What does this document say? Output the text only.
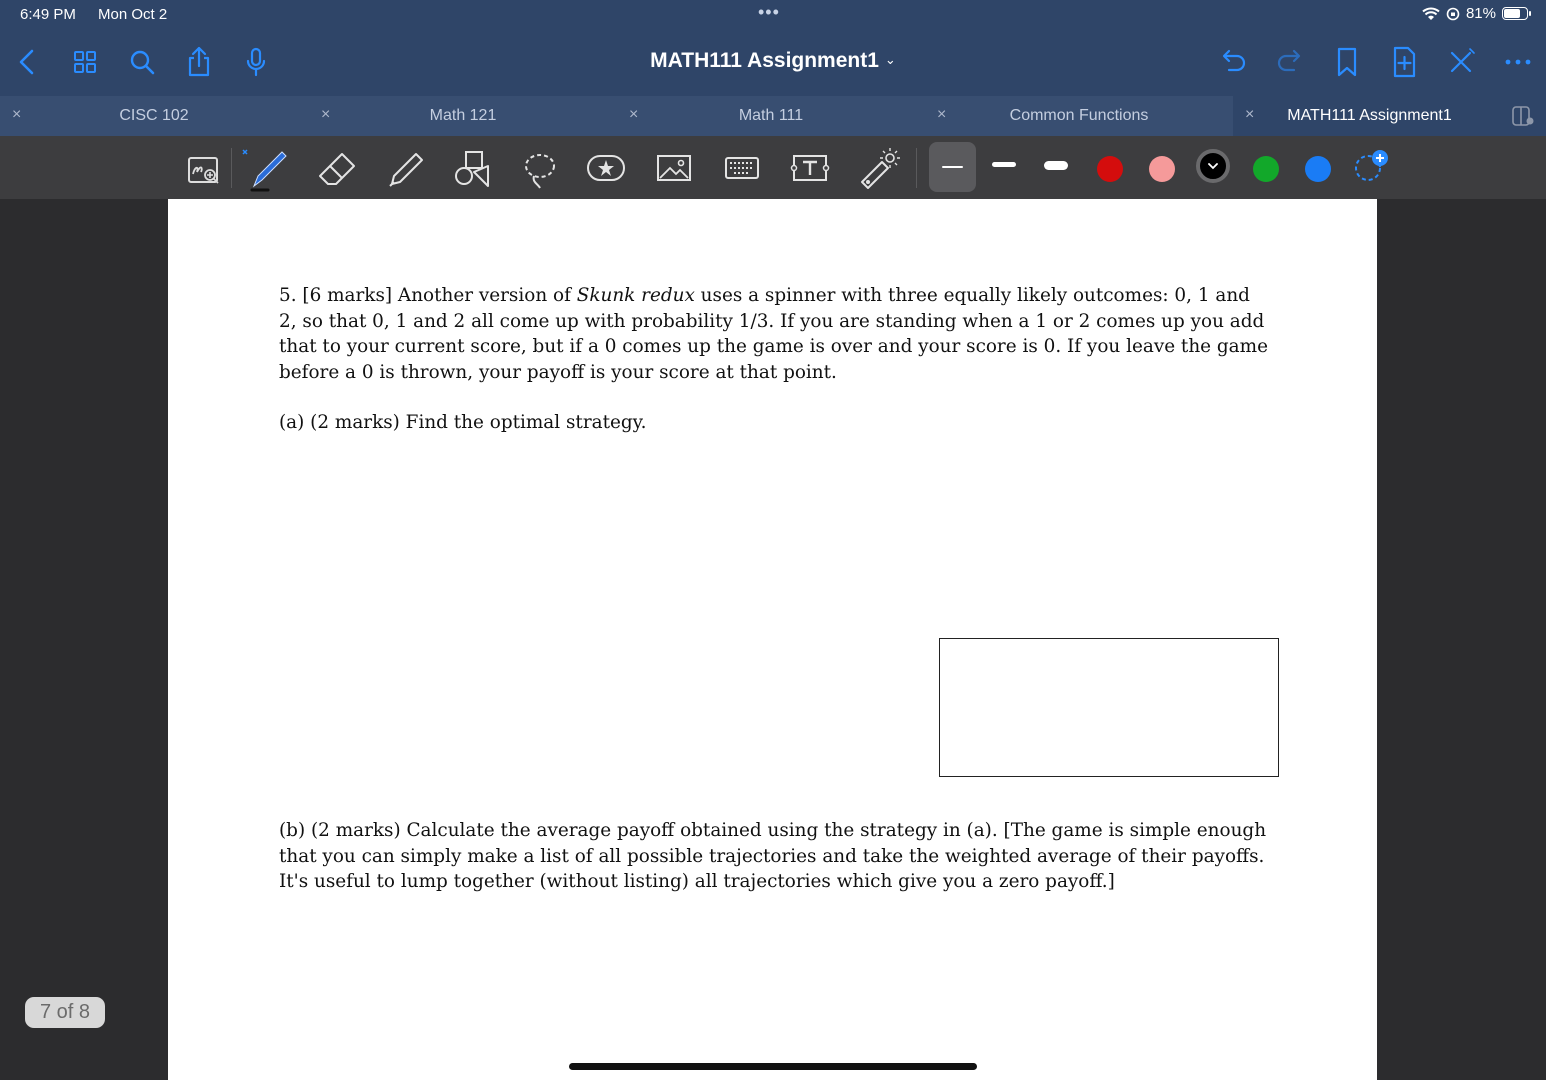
6:49 PM Mon Oct 2	•••	81%
MATH111 Assignment1 ⌄
×	CISC 102	×	Math 121	×	Math 111	×	Common Functions	×	MATH111 Assignment1

5. [6 marks] Another version of Skunk redux uses a spinner with three equally likely outcomes: 0, 1 and 2, so that 0, 1 and 2 all come up with probability 1/3. If you are standing when a 1 or 2 comes up you add that to your current score, but if a 0 comes up the game is over and your score is 0. If you leave the game before a 0 is thrown, your payoff is your score at that point.

(a) (2 marks) Find the optimal strategy.

(b) (2 marks) Calculate the average payoff obtained using the strategy in (a). [The game is simple enough that you can simply make a list of all possible trajectories and take the weighted average of their payoffs. It's useful to lump together (without listing) all trajectories which give you a zero payoff.]

7 of 8
